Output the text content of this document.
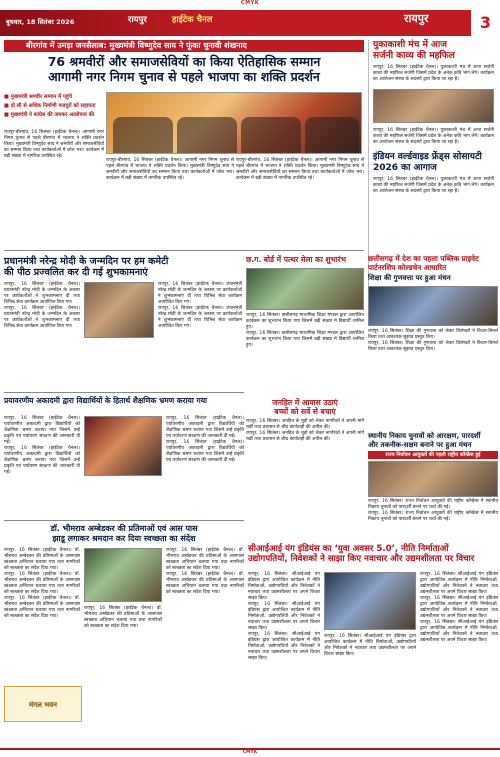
CMYK
बुधवार, 18 सितंबर 2026	रायपुर	हाईटेक चैनल	रायपुर	3
बीरगांव में उमड़ा जनसैलाब: मुख्यमंत्री विष्णुदेव साय ने फूंका चुनावी शंखनाद
76 श्रमवीरों और समाजसेवियों का किया ऐतिहासिक सम्मान
आगामी नगर निगम चुनाव से पहले भाजपा का शक्ति प्रदर्शन
■ मुख्यमंत्री श्रमवीर सम्मान में पहुंचे
■ दो सौ से अधिक निर्माणी मजदूरों को सहायता
■ मुख्यमंत्री ने कांग्रेस की जमकर आलोचना की

रायपुर-बीरगांव, 16 सितंबर (हाईटेक चैनल)। आगामी नगर निगम चुनाव से पहले बीरगांव में भाजपा ने शक्ति प्रदर्शन किया। मुख्यमंत्री विष्णुदेव साय ने श्रमवीरों और समाजसेवियों का सम्मान किया तथा कार्यकर्ताओं में जोश भरा। कार्यक्रम में बड़ी संख्या में नागरिक उपस्थित रहे।

रायपुर-बीरगांव, 16 सितंबर (हाईटेक चैनल)। आगामी नगर निगम चुनाव से पहले बीरगांव में भाजपा ने शक्ति प्रदर्शन किया। मुख्यमंत्री विष्णुदेव साय ने श्रमवीरों और समाजसेवियों का सम्मान किया तथा कार्यकर्ताओं में जोश भरा। कार्यक्रम में बड़ी संख्या में नागरिक उपस्थित रहे।

रायपुर-बीरगांव, 16 सितंबर (हाईटेक चैनल)। आगामी नगर निगम चुनाव से पहले बीरगांव में भाजपा ने शक्ति प्रदर्शन किया। मुख्यमंत्री विष्णुदेव साय ने श्रमवीरों और समाजसेवियों का सम्मान किया तथा कार्यकर्ताओं में जोश भरा। कार्यक्रम में बड़ी संख्या में नागरिक उपस्थित रहे।

युकाकाशी मंच में आज
सर्जनी काव्य की महफिल

रायपुर, 16 सितंबर (हाईटेक चैनल)। युकाकाशी मंच में आज सर्जनी काव्य की महफिल सजेगी जिसमें प्रदेश के अनेक कवि भाग लेंगे। कार्यक्रम का आयोजन संस्था के सदस्यों द्वारा किया जा रहा है।

रायपुर, 16 सितंबर (हाईटेक चैनल)। युकाकाशी मंच में आज सर्जनी काव्य की महफिल सजेगी जिसमें प्रदेश के अनेक कवि भाग लेंगे। कार्यक्रम का आयोजन संस्था के सदस्यों द्वारा किया जा रहा है।

इंडियन वर्ल्डवाइड फ्रेंड्स सोसायटी
2026 का आगाज

रायपुर, 16 सितंबर (हाईटेक चैनल)। युकाकाशी मंच में आज सर्जनी काव्य की महफिल सजेगी जिसमें प्रदेश के अनेक कवि भाग लेंगे। कार्यक्रम का आयोजन संस्था के सदस्यों द्वारा किया जा रहा है।

प्रधानमंत्री नरेन्द्र मोदी के जन्मदिन पर हम कमेटी
की पीठ प्रज्वलित कर दी गई शुभकामनाएं

रायपुर, 16 सितंबर (हाईटेक चैनल)। प्रधानमंत्री नरेन्द्र मोदी के जन्मदिन के अवसर पर कार्यकर्ताओं ने शुभकामनाएं दीं तथा विभिन्न सेवा कार्यक्रम आयोजित किए गए।

रायपुर, 16 सितंबर (हाईटेक चैनल)। प्रधानमंत्री नरेन्द्र मोदी के जन्मदिन के अवसर पर कार्यकर्ताओं ने शुभकामनाएं दीं तथा विभिन्न सेवा कार्यक्रम आयोजित किए गए।

रायपुर, 16 सितंबर (हाईटेक चैनल)। प्रधानमंत्री नरेन्द्र मोदी के जन्मदिन के अवसर पर कार्यकर्ताओं ने शुभकामनाएं दीं तथा विभिन्न सेवा कार्यक्रम आयोजित किए गए।

रायपुर, 16 सितंबर (हाईटेक चैनल)। प्रधानमंत्री नरेन्द्र मोदी के जन्मदिन के अवसर पर कार्यकर्ताओं ने शुभकामनाएं दीं तथा विभिन्न सेवा कार्यक्रम आयोजित किए गए।

छ.ग. बोर्ड में पत्थर मेला का शुभारंभ

रायपुर, 16 सितंबर। छत्तीसगढ़ माध्यमिक शिक्षा मण्डल द्वारा आयोजित कार्यक्रम का शुभारंभ किया गया जिसमें बड़ी संख्या में विद्यार्थी शामिल हुए।

रायपुर, 16 सितंबर। छत्तीसगढ़ माध्यमिक शिक्षा मण्डल द्वारा आयोजित कार्यक्रम का शुभारंभ किया गया जिसमें बड़ी संख्या में विद्यार्थी शामिल हुए।

छत्तीसगढ़ में देश का पहला पब्लिक प्राइवेट पार्टनरशिप कोल्डचेन आधारित
शिक्षा की गुणवत्ता पर हुआ मंथन

रायपुर, 16 सितंबर। शिक्षा की गुणवत्ता को लेकर विशेषज्ञों ने विचार-विमर्श किया तथा आवश्यक सुझाव प्रस्तुत किए।

रायपुर, 16 सितंबर। शिक्षा की गुणवत्ता को लेकर विशेषज्ञों ने विचार-विमर्श किया तथा आवश्यक सुझाव प्रस्तुत किए।

प्रयावरणीय अकादमी द्वारा विद्यार्थियों के हितार्थ शैक्षणिक भ्रमण कराया गया

रायपुर, 16 सितंबर (हाईटेक चैनल)। पर्यावरणीय अकादमी द्वारा विद्यार्थियों को शैक्षणिक भ्रमण कराया गया जिसमें उन्हें प्रकृति एवं पर्यावरण संरक्षण की जानकारी दी गई।

रायपुर, 16 सितंबर (हाईटेक चैनल)। पर्यावरणीय अकादमी द्वारा विद्यार्थियों को शैक्षणिक भ्रमण कराया गया जिसमें उन्हें प्रकृति एवं पर्यावरण संरक्षण की जानकारी दी गई।

रायपुर, 16 सितंबर (हाईटेक चैनल)। पर्यावरणीय अकादमी द्वारा विद्यार्थियों को शैक्षणिक भ्रमण कराया गया जिसमें उन्हें प्रकृति एवं पर्यावरण संरक्षण की जानकारी दी गई।

रायपुर, 16 सितंबर (हाईटेक चैनल)। पर्यावरणीय अकादमी द्वारा विद्यार्थियों को शैक्षणिक भ्रमण कराया गया जिसमें उन्हें प्रकृति एवं पर्यावरण संरक्षण की जानकारी दी गई।

जनहित में आवास उठाएं
बच्चों को सर्वे से बचाएं

रायपुर, 16 सितंबर। जनहित के मुद्दों को लेकर नागरिकों ने अपनी मांगें रखीं तथा प्रशासन से शीघ्र कार्यवाही की अपील की।

रायपुर, 16 सितंबर। जनहित के मुद्दों को लेकर नागरिकों ने अपनी मांगें रखीं तथा प्रशासन से शीघ्र कार्यवाही की अपील की।	स्थानीय निकाय चुनावों को आरक्षण, पारदर्शी
और तकनीक-सक्षम बनाने पर हुआ मंथन
राज्य निर्वाचन आयुक्तों की पहली राष्ट्रीय कॉन्फ्रेंस हुई

रायपुर, 16 सितंबर। राज्य निर्वाचन आयुक्तों की राष्ट्रीय कॉन्फ्रेंस में स्थानीय निकाय चुनावों को पारदर्शी बनाने पर चर्चा की गई।

रायपुर, 16 सितंबर। राज्य निर्वाचन आयुक्तों की राष्ट्रीय कॉन्फ्रेंस में स्थानीय निकाय चुनावों को पारदर्शी बनाने पर चर्चा की गई।

डॉ. भीमराव अम्बेडकर की प्रतिमाओं एवं आस पास
झाडू लगाकर श्रमदान कर दिया स्वच्छता का संदेश

रायपुर, 16 सितंबर (हाईटेक चैनल)। डॉ. भीमराव अम्बेडकर की प्रतिमाओं के आसपास स्वच्छता अभियान चलाया गया तथा नागरिकों को स्वच्छता का संदेश दिया गया।

रायपुर, 16 सितंबर (हाईटेक चैनल)। डॉ. भीमराव अम्बेडकर की प्रतिमाओं के आसपास स्वच्छता अभियान चलाया गया तथा नागरिकों को स्वच्छता का संदेश दिया गया।

रायपुर, 16 सितंबर (हाईटेक चैनल)। डॉ. भीमराव अम्बेडकर की प्रतिमाओं के आसपास स्वच्छता अभियान चलाया गया तथा नागरिकों को स्वच्छता का संदेश दिया गया।

रायपुर, 16 सितंबर (हाईटेक चैनल)। डॉ. भीमराव अम्बेडकर की प्रतिमाओं के आसपास स्वच्छता अभियान चलाया गया तथा नागरिकों को स्वच्छता का संदेश दिया गया।

रायपुर, 16 सितंबर (हाईटेक चैनल)। डॉ. भीमराव अम्बेडकर की प्रतिमाओं के आसपास स्वच्छता अभियान चलाया गया तथा नागरिकों को स्वच्छता का संदेश दिया गया।

रायपुर, 16 सितंबर (हाईटेक चैनल)। डॉ. भीमराव अम्बेडकर की प्रतिमाओं के आसपास स्वच्छता अभियान चलाया गया तथा नागरिकों को स्वच्छता का संदेश दिया गया।

सीआईआई यंग इंडियंस का ‘युवा अवसर 5.0’, नीति निर्माताओं
उद्योगपतियों, निवेशकों ने साझा किए नवाचार और उद्यमशीलता पर विचार

रायपुर, 16 सितंबर। सीआईआई यंग इंडियंस द्वारा आयोजित कार्यक्रम में नीति निर्माताओं, उद्योगपतियों और निवेशकों ने नवाचार तथा उद्यमशीलता पर अपने विचार साझा किए।

रायपुर, 16 सितंबर। सीआईआई यंग इंडियंस द्वारा आयोजित कार्यक्रम में नीति निर्माताओं, उद्योगपतियों और निवेशकों ने नवाचार तथा उद्यमशीलता पर अपने विचार साझा किए।

रायपुर, 16 सितंबर। सीआईआई यंग इंडियंस द्वारा आयोजित कार्यक्रम में नीति निर्माताओं, उद्योगपतियों और निवेशकों ने नवाचार तथा उद्यमशीलता पर अपने विचार साझा किए।

रायपुर, 16 सितंबर। सीआईआई यंग इंडियंस द्वारा आयोजित कार्यक्रम में नीति निर्माताओं, उद्योगपतियों और निवेशकों ने नवाचार तथा उद्यमशीलता पर अपने विचार साझा किए।

रायपुर, 16 सितंबर। सीआईआई यंग इंडियंस द्वारा आयोजित कार्यक्रम में नीति निर्माताओं, उद्योगपतियों और निवेशकों ने नवाचार तथा उद्यमशीलता पर अपने विचार साझा किए।

रायपुर, 16 सितंबर। सीआईआई यंग इंडियंस द्वारा आयोजित कार्यक्रम में नीति निर्माताओं, उद्योगपतियों और निवेशकों ने नवाचार तथा उद्यमशीलता पर अपने विचार साझा किए।

रायपुर, 16 सितंबर। सीआईआई यंग इंडियंस द्वारा आयोजित कार्यक्रम में नीति निर्माताओं, उद्योगपतियों और निवेशकों ने नवाचार तथा उद्यमशीलता पर अपने विचार साझा किए।

मंगल भवन
CMYK
